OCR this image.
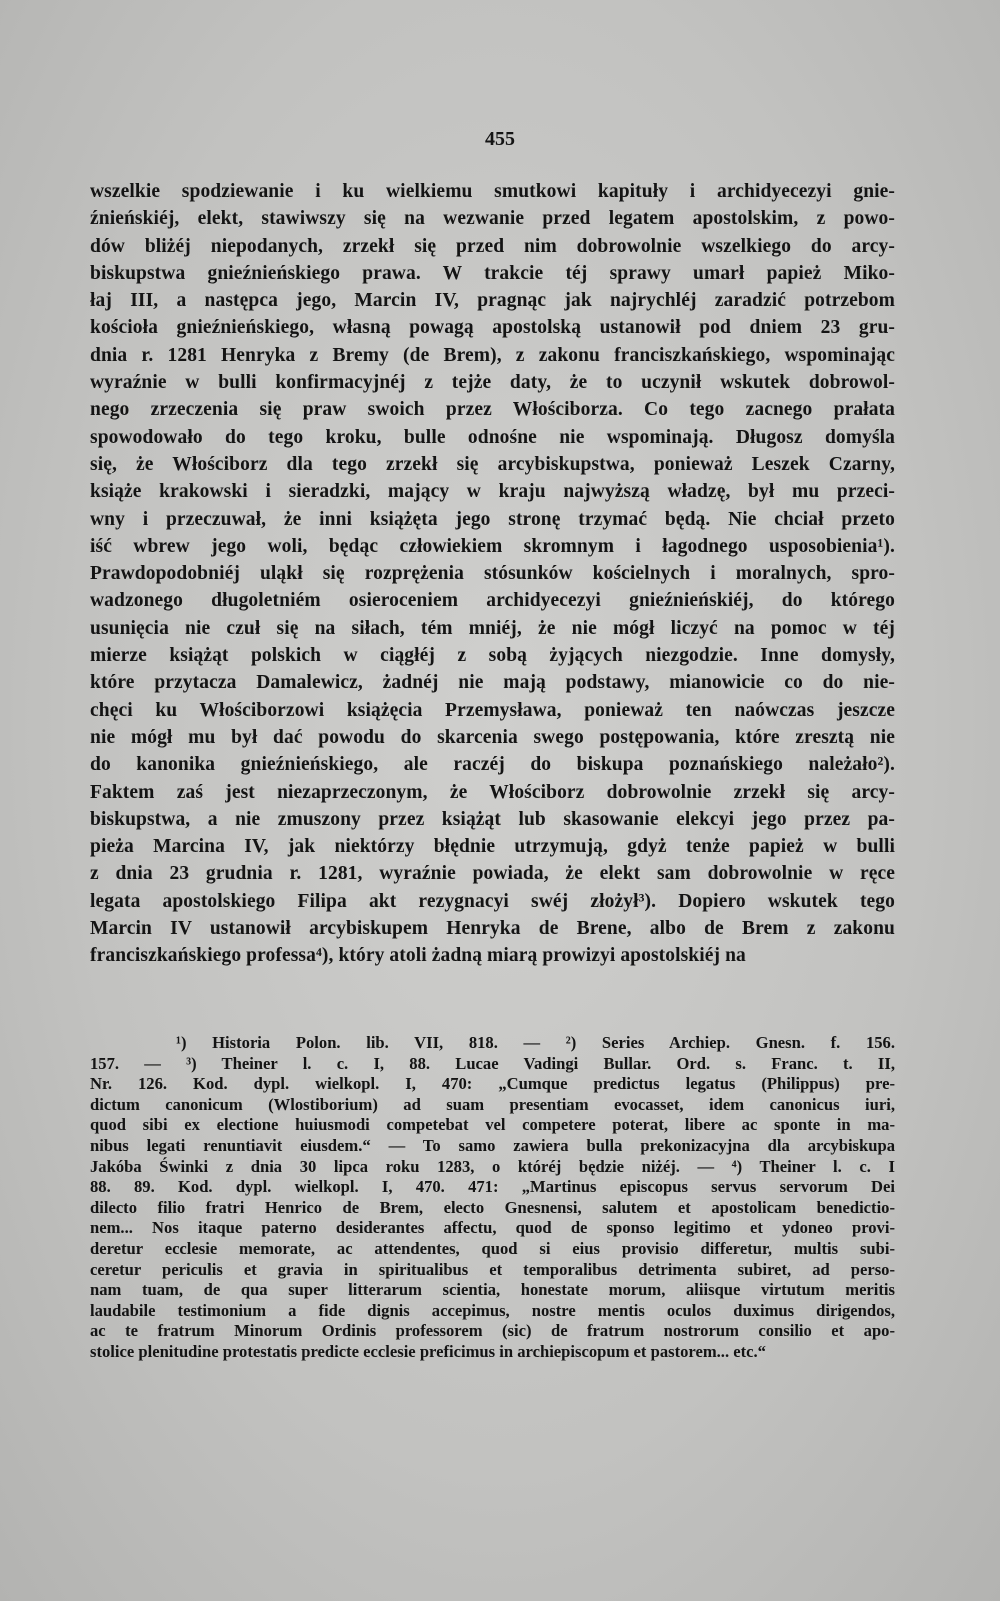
455
wszelkie spodziewanie i ku wielkiemu smutkowi kapituły i archidyecezyi gnie-
źnieńskiéj, elekt, stawiwszy się na wezwanie przed legatem apostolskim, z powo-
dów bliżéj niepodanych, zrzekł się przed nim dobrowolnie wszelkiego do arcy-
biskupstwa gnieźnieńskiego prawa. W trakcie téj sprawy umarł papież Miko-
łaj III, a następca jego, Marcin IV, pragnąc jak najrychléj zaradzić potrzebom
kościoła gnieźnieńskiego, własną powagą apostolską ustanowił pod dniem 23 gru-
dnia r. 1281 Henryka z Bremy (de Brem), z zakonu franciszkańskiego, wspominając
wyraźnie w bulli konfirmacyjnéj z tejże daty, że to uczynił wskutek dobrowol-
nego zrzeczenia się praw swoich przez Włościborza. Co tego zacnego prałata
spowodowało do tego kroku, bulle odnośne nie wspominają. Długosz domyśla
się, że Włościborz dla tego zrzekł się arcybiskupstwa, ponieważ Leszek Czarny,
książe krakowski i sieradzki, mający w kraju najwyższą władzę, był mu przeci-
wny i przeczuwał, że inni książęta jego stronę trzymać będą. Nie chciał przeto
iść wbrew jego woli, będąc człowiekiem skromnym i łagodnego usposobienia¹).
Prawdopodobniéj uląkł się rozprężenia stósunków kościelnych i moralnych, spro-
wadzonego długoletniém osieroceniem archidyecezyi gnieźnieńskiéj, do którego
usunięcia nie czuł się na siłach, tém mniéj, że nie mógł liczyć na pomoc w téj
mierze książąt polskich w ciągłéj z sobą żyjących niezgodzie. Inne domysły,
które przytacza Damalewicz, żadnéj nie mają podstawy, mianowicie co do nie-
chęci ku Włościborzowi książęcia Przemysława, ponieważ ten naówczas jeszcze
nie mógł mu był dać powodu do skarcenia swego postępowania, które zresztą nie
do kanonika gnieźnieńskiego, ale raczéj do biskupa poznańskiego należało²).
Faktem zaś jest niezaprzeczonym, że Włościborz dobrowolnie zrzekł się arcy-
biskupstwa, a nie zmuszony przez książąt lub skasowanie elekcyi jego przez pa-
pieża Marcina IV, jak niektórzy błędnie utrzymują, gdyż tenże papież w bulli
z dnia 23 grudnia r. 1281, wyraźnie powiada, że elekt sam dobrowolnie w ręce
legata apostolskiego Filipa akt rezygnacyi swéj złożył³). Dopiero wskutek tego
Marcin IV ustanowił arcybiskupem Henryka de Brene, albo de Brem z zakonu
franciszkańskiego professa⁴), który atoli żadną miarą prowizyi apostolskiéj na
¹) Historia Polon. lib. VII, 818. — ²) Series Archiep. Gnesn. f. 156.
157. — ³) Theiner l. c. I, 88. Lucae Vadingi Bullar. Ord. s. Franc. t. II,
Nr. 126. Kod. dypl. wielkopl. I, 470: „Cumque predictus legatus (Philippus) pre-
dictum canonicum (Wlostiborium) ad suam presentiam evocasset, idem canonicus iuri,
quod sibi ex electione huiusmodi competebat vel competere poterat, libere ac sponte in ma-
nibus legati renuntiavit eiusdem.“ — To samo zawiera bulla prekonizacyjna dla arcybiskupa
Jakóba Świnki z dnia 30 lipca roku 1283, o któréj będzie niżéj. — ⁴) Theiner l. c. I
88. 89. Kod. dypl. wielkopl. I, 470. 471: „Martinus episcopus servus servorum Dei
dilecto filio fratri Henrico de Brem, electo Gnesnensi, salutem et apostolicam benedictio-
nem... Nos itaque paterno desiderantes affectu, quod de sponso legitimo et ydoneo provi-
deretur ecclesie memorate, ac attendentes, quod si eius provisio differetur, multis subi-
ceretur periculis et gravia in spiritualibus et temporalibus detrimenta subiret, ad perso-
nam tuam, de qua super litterarum scientia, honestate morum, aliisque virtutum meritis
laudabile testimonium a fide dignis accepimus, nostre mentis oculos duximus dirigendos,
ac te fratrum Minorum Ordinis professorem (sic) de fratrum nostrorum consilio et apo-
stolice plenitudine protestatis predicte ecclesie preficimus in archiepiscopum et pastorem... etc.“
